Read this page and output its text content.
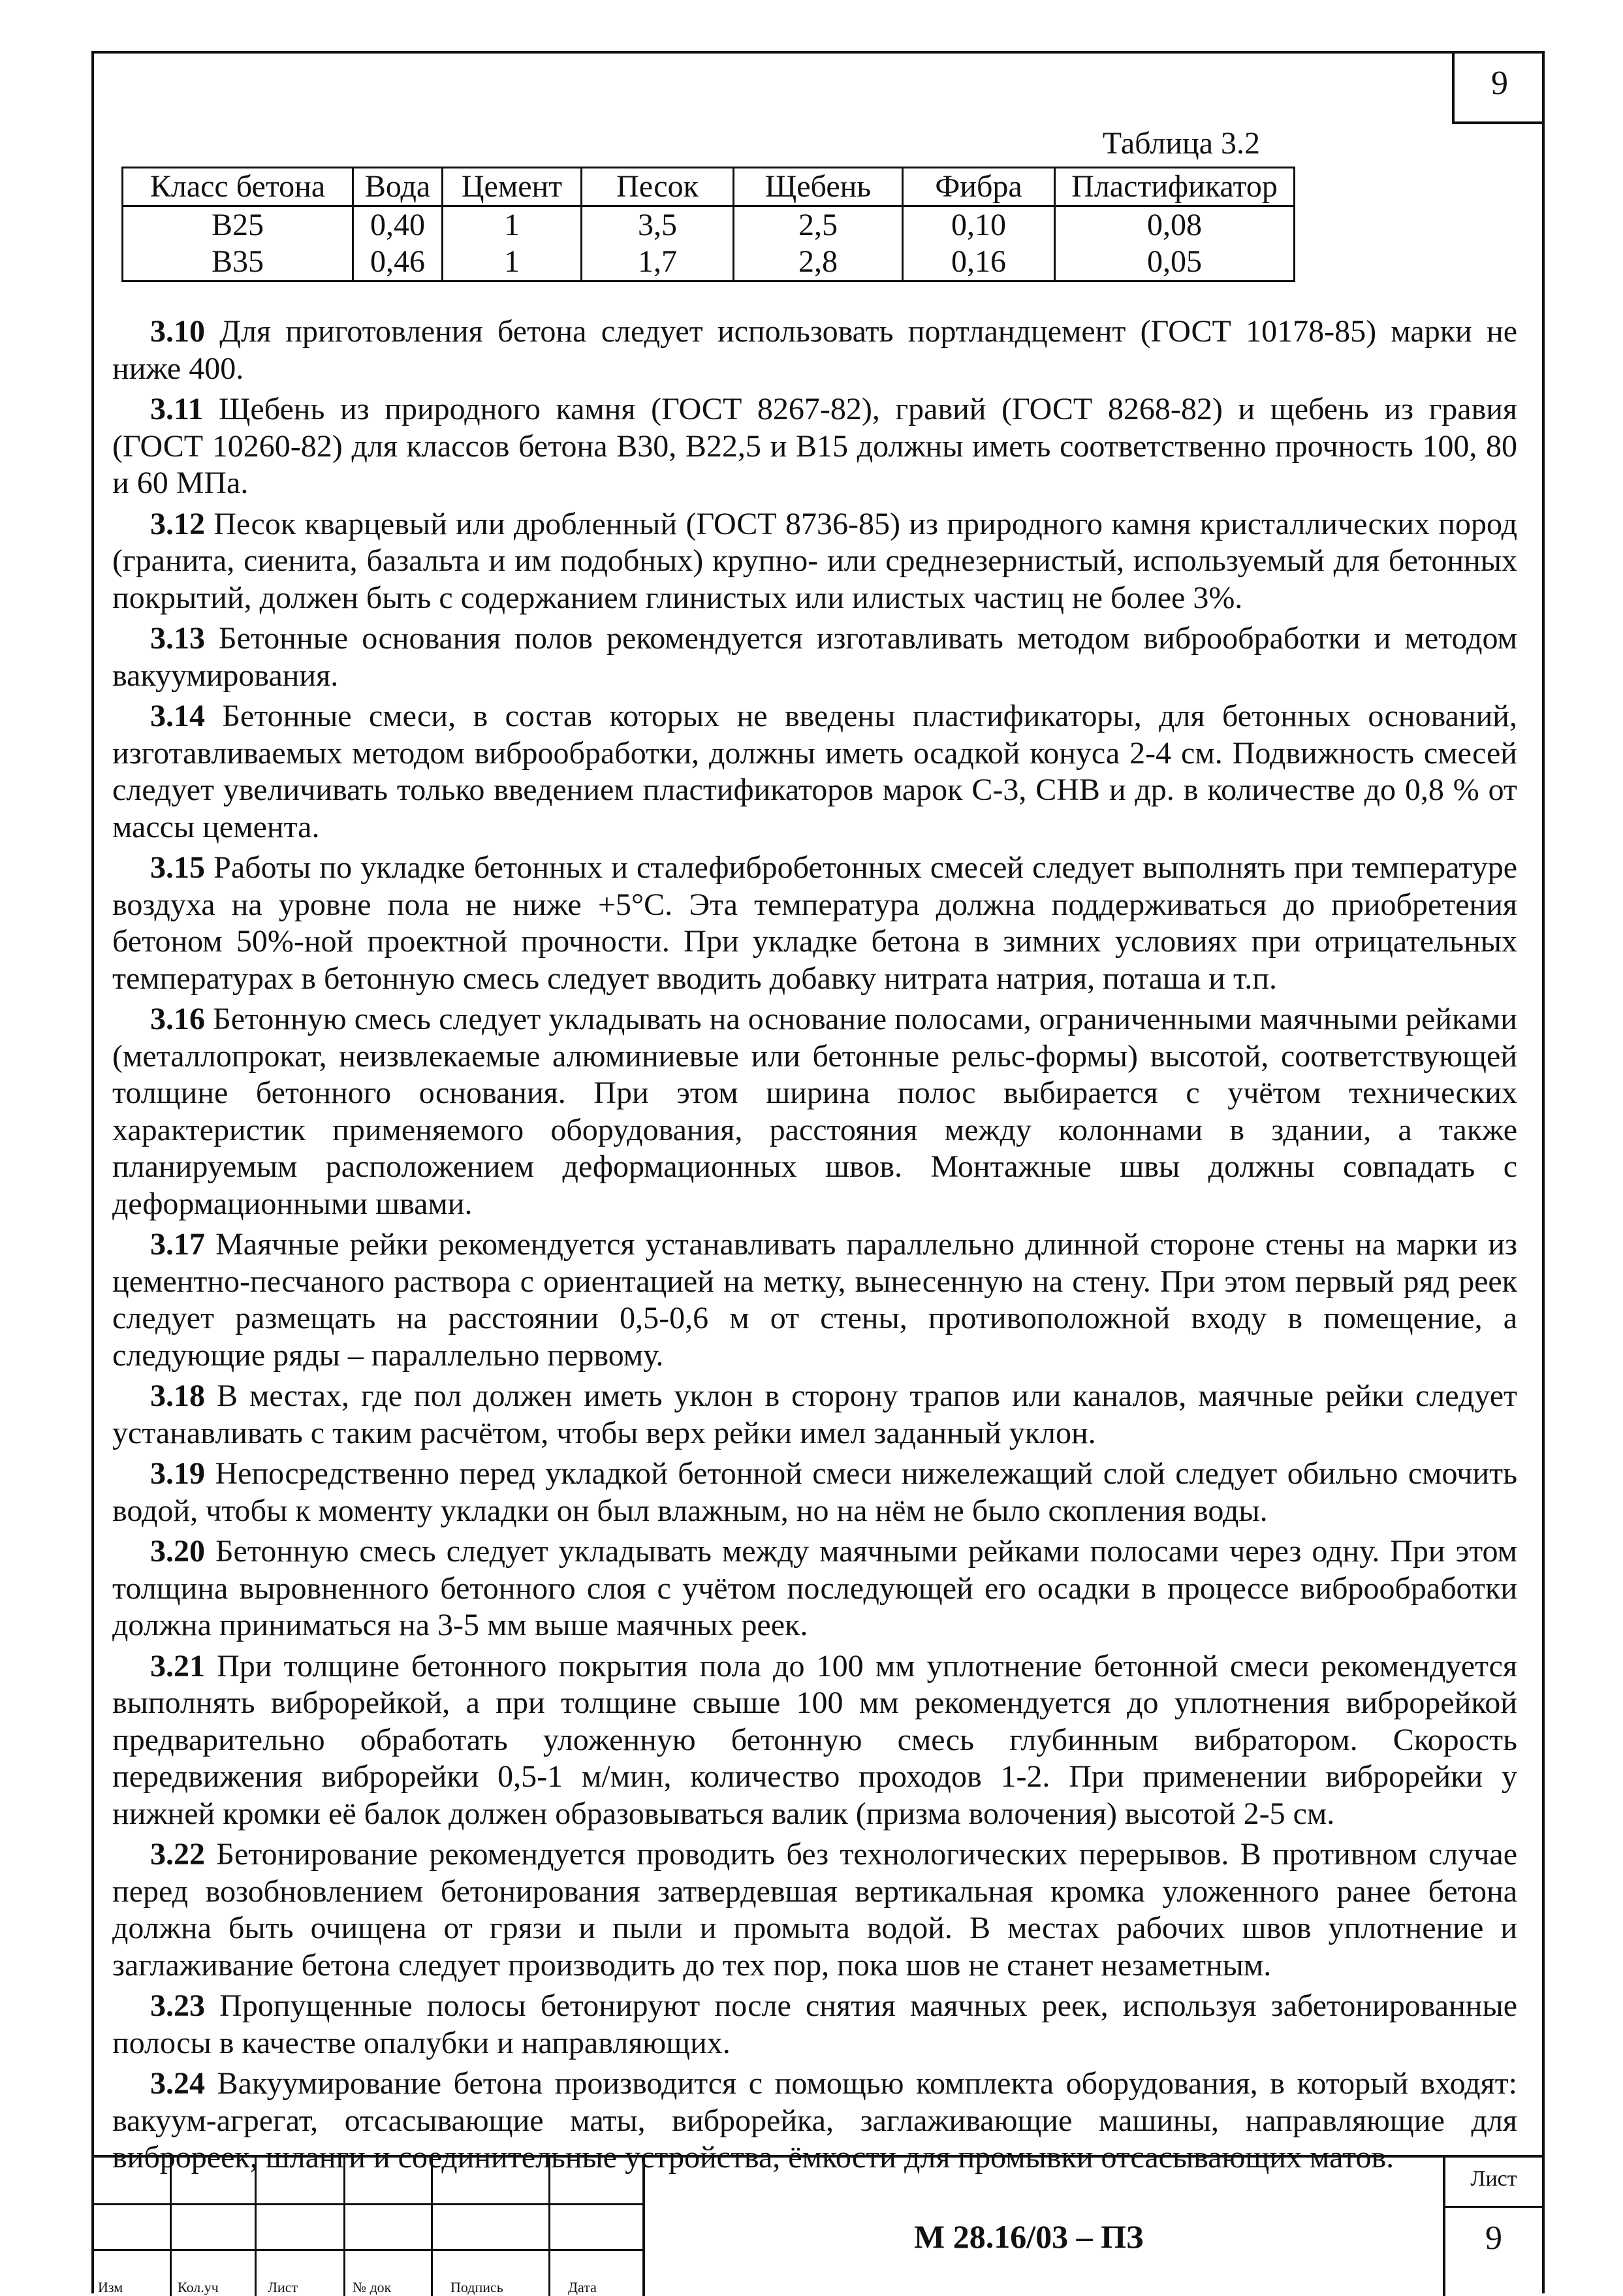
9
Таблица 3.2
Класс бетона	Вода	Цемент	Песок	Щебень	Фибра	Пластификатор
В25	0,40	1	3,5	2,5	0,10	0,08
В35	0,46	1	1,7	2,8	0,16	0,05

3.10 Для приготовления бетона следует использовать портландцемент (ГОСТ 10178-85) марки не ниже 400.

3.11 Щебень из природного камня (ГОСТ 8267-82), гравий (ГОСТ 8268-82) и щебень из гравия (ГОСТ 10260-82) для классов бетона В30, В22,5 и В15 должны иметь соответственно прочность 100, 80 и 60 МПа.

3.12 Песок кварцевый или дробленный (ГОСТ 8736-85) из природного камня кристаллических пород (гранита, сиенита, базальта и им подобных) крупно- или среднезернистый, используемый для бетонных покрытий, должен быть с содержанием глинистых или илистых частиц не более 3%.

3.13 Бетонные основания полов рекомендуется изготавливать методом виброобработки и методом вакуумирования.

3.14 Бетонные смеси, в состав которых не введены пластификаторы, для бетонных оснований, изготавливаемых методом виброобработки, должны иметь осадкой конуса 2-4 см. Подвижность смесей следует увеличивать только введением пластификаторов марок С-3, СНВ и др. в количестве до 0,8 % от массы цемента.

3.15 Работы по укладке бетонных и сталефибробетонных смесей следует выполнять при температуре воздуха на уровне пола не ниже +5°С. Эта температура должна поддерживаться до приобретения бетоном 50%-ной проектной прочности. При укладке бетона в зимних условиях при отрицательных температурах в бетонную смесь следует вводить добавку нитрата натрия, поташа и т.п.

3.16 Бетонную смесь следует укладывать на основание полосами, ограниченными маячными рейками (металлопрокат, неизвлекаемые алюминиевые или бетонные рельс-формы) высотой, соответствующей толщине бетонного основания. При этом ширина полос выбирается с учётом технических характеристик применяемого оборудования, расстояния между колоннами в здании, а также планируемым расположением деформационных швов. Монтажные швы должны совпадать с деформационными швами.

3.17 Маячные рейки рекомендуется устанавливать параллельно длинной стороне стены на марки из цементно-песчаного раствора с ориентацией на метку, вынесенную на стену. При этом первый ряд реек следует размещать на расстоянии 0,5-0,6 м от стены, противоположной входу в помещение, а следующие ряды – параллельно первому.

3.18 В местах, где пол должен иметь уклон в сторону трапов или каналов, маячные рейки следует устанавливать с таким расчётом, чтобы верх рейки имел заданный уклон.

3.19 Непосредственно перед укладкой бетонной смеси нижележащий слой следует обильно смочить водой, чтобы к моменту укладки он был влажным, но на нём не было скопления воды.

3.20 Бетонную смесь следует укладывать между маячными рейками полосами через одну. При этом толщина выровненного бетонного слоя с учётом последующей его осадки в процессе виброобработки должна приниматься на 3-5 мм выше маячных реек.

3.21 При толщине бетонного покрытия пола до 100 мм уплотнение бетонной смеси рекомендуется выполнять виброрейкой, а при толщине свыше 100 мм рекомендуется до уплотнения виброрейкой предварительно обработать уложенную бетонную смесь глубинным вибратором. Скорость передвижения виброрейки 0,5-1 м/мин, количество проходов 1-2. При применении виброрейки у нижней кромки её балок должен образовываться валик (призма волочения) высотой 2-5 см.

3.22 Бетонирование рекомендуется проводить без технологических перерывов. В противном случае перед возобновлением бетонирования затвердевшая вертикальная кромка уложенного ранее бетона должна быть очищена от грязи и пыли и промыта водой. В местах рабочих швов уплотнение и заглаживание бетона следует производить до тех пор, пока шов не станет незаметным.

3.23 Пропущенные полосы бетонируют после снятия маячных реек, используя забетонированные полосы в качестве опалубки и направляющих.

3.24 Вакуумирование бетона производится с помощью комплекта оборудования, в который входят: вакуум-агрегат, отсасывающие маты, виброрейка, заглаживающие машины, направляющие для виброреек, шланги и соединительные устройства, ёмкости для промывки отсасывающих матов.

М 28.16/03 – ПЗ
Лист
9
Изм	Кол.уч	Лист	№ док	Подпись	Дата
